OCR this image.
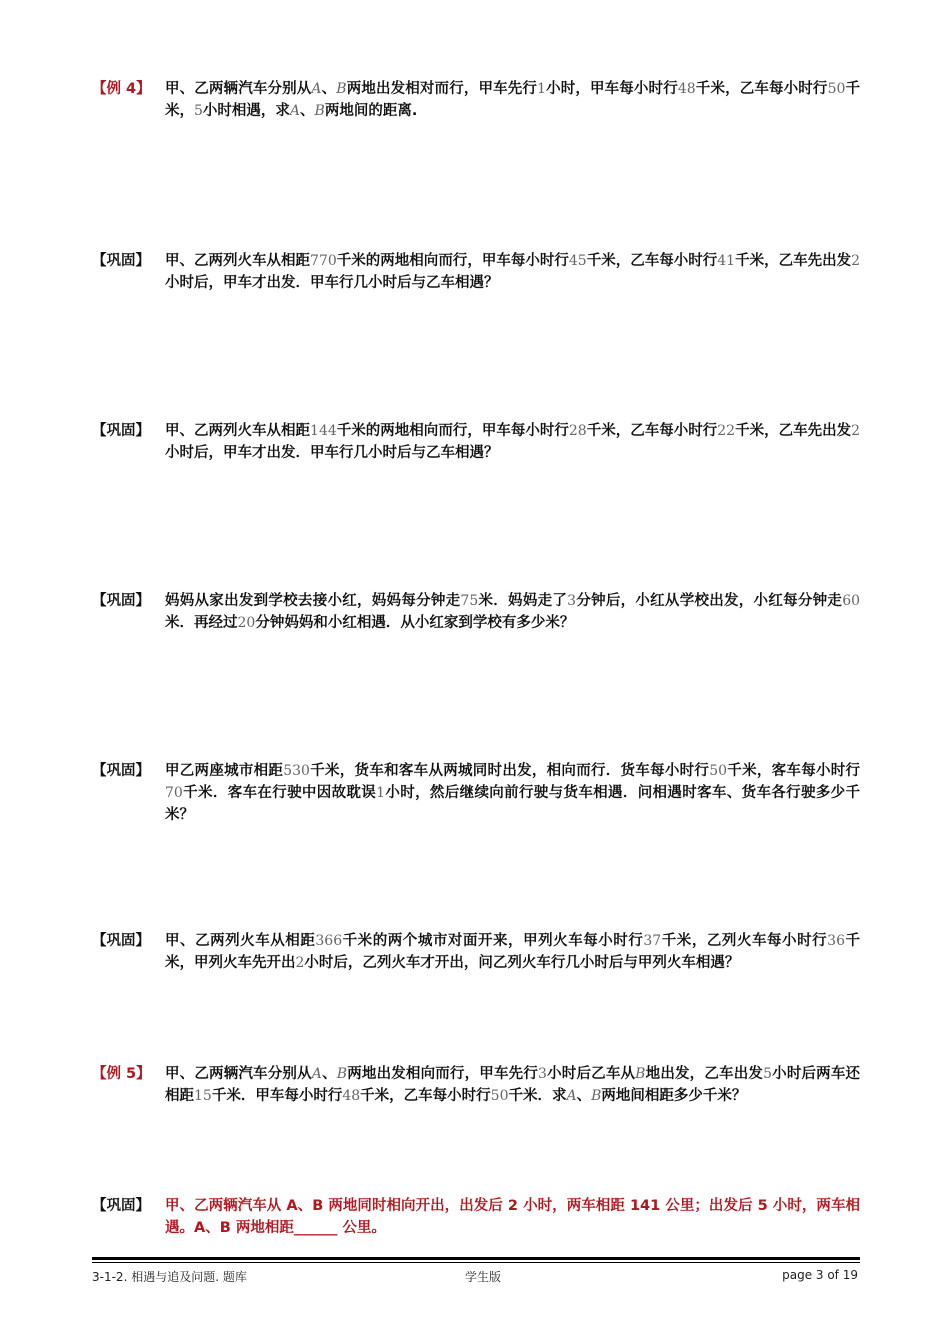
【例 4】 甲、乙两辆汽车分别从A、B两地出发相对而行，甲车先行1小时，甲车每小时行48千米，乙车每小时行50千米，5小时相遇，求A、B两地间的距离.
【巩固】 甲、乙两列火车从相距770千米的两地相向而行，甲车每小时行45千米，乙车每小时行41千米，乙车先出发2小时后，甲车才出发．甲车行几小时后与乙车相遇？
【巩固】 甲、乙两列火车从相距144千米的两地相向而行，甲车每小时行28千米，乙车每小时行22千米，乙车先出发2小时后，甲车才出发．甲车行几小时后与乙车相遇？
【巩固】 妈妈从家出发到学校去接小红，妈妈每分钟走75米．妈妈走了3分钟后，小红从学校出发，小红每分钟走60米．再经过20分钟妈妈和小红相遇．从小红家到学校有多少米？
【巩固】 甲乙两座城市相距530千米，货车和客车从两城同时出发，相向而行．货车每小时行50千米，客车每小时行70千米．客车在行驶中因故耽误1小时，然后继续向前行驶与货车相遇．问相遇时客车、货车各行驶多少千米？
【巩固】 甲、乙两列火车从相距366千米的两个城市对面开来，甲列火车每小时行37千米，乙列火车每小时行36千米，甲列火车先开出2小时后，乙列火车才开出，问乙列火车行几小时后与甲列火车相遇？
【例 5】 甲、乙两辆汽车分别从A、B两地出发相向而行，甲车先行3小时后乙车从B地出发，乙车出发5小时后两车还相距15千米．甲车每小时行48千米，乙车每小时行50千米．求A、B两地间相距多少千米？
【巩固】 甲、乙两辆汽车从 A、B 两地同时相向开出，出发后 2 小时，两车相距 141 公里；出发后 5 小时，两车相遇。A、B 两地相距______ 公里。
3-1-2. 相遇与追及问题. 题库	学生版	page 3 of 19
